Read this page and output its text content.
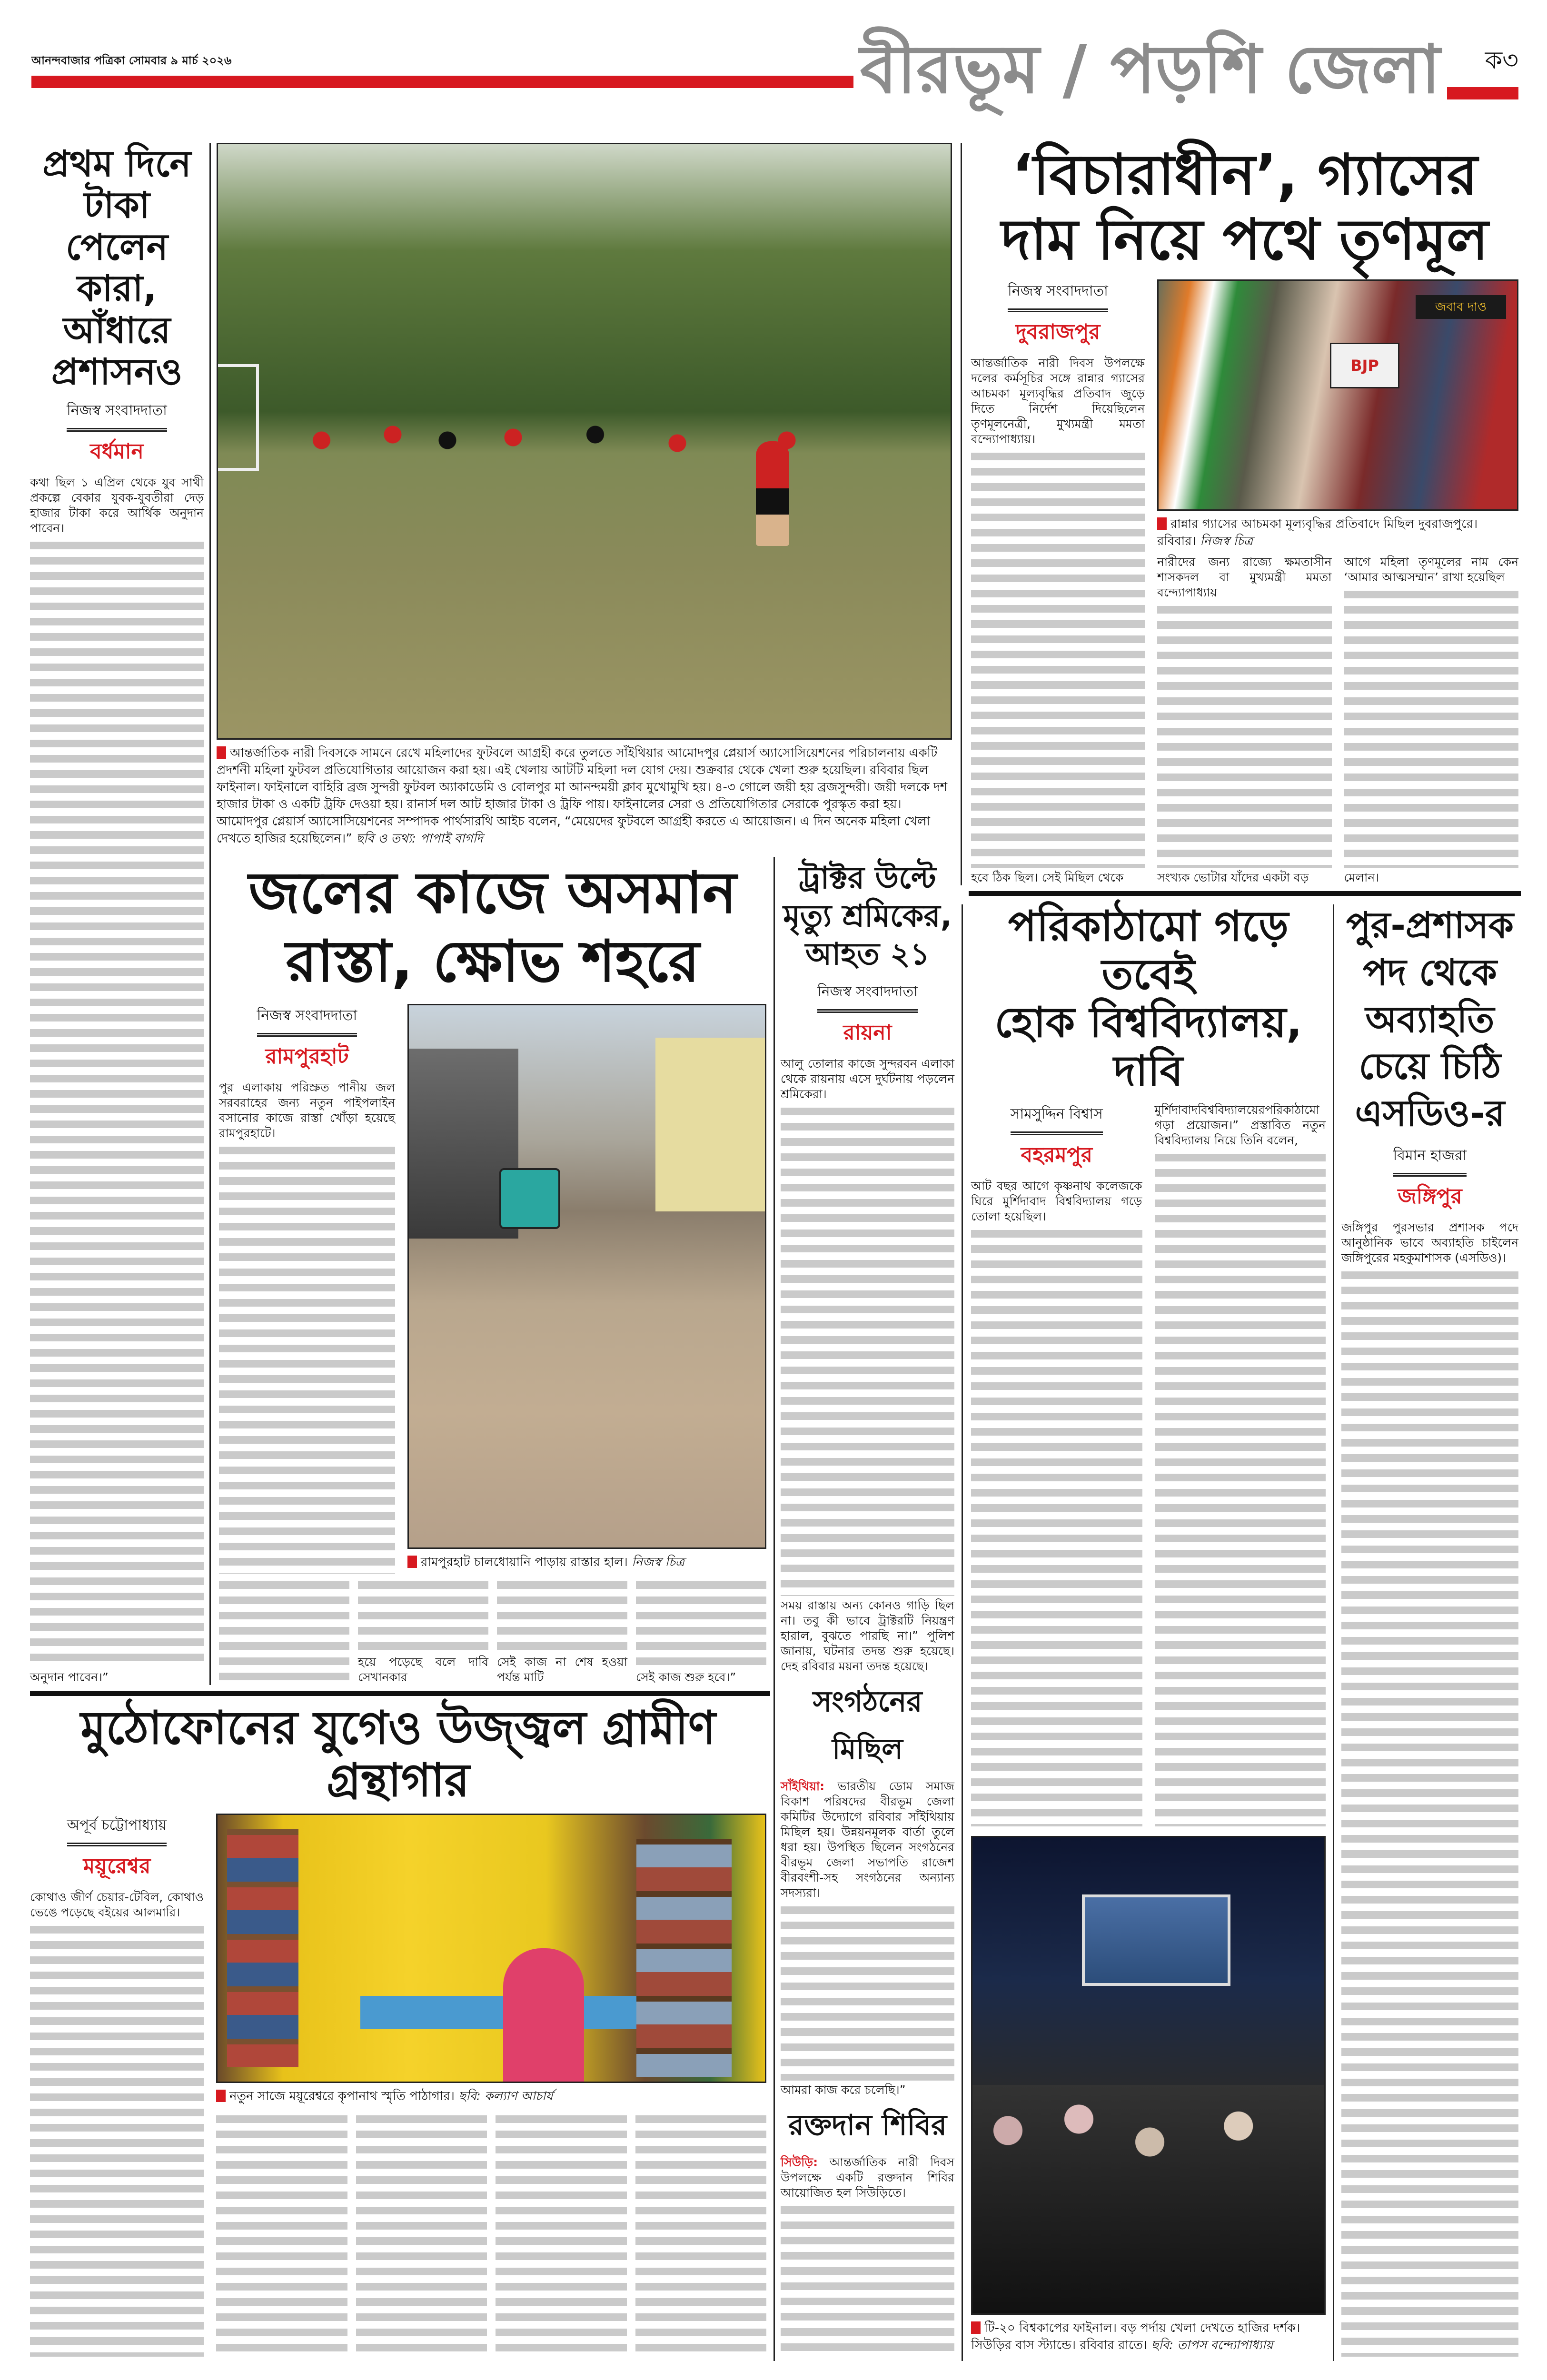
আনন্দবাজার পত্রিকা সোমবার ৯ মার্চ ২০২৬	বীরভূম / পড়শি জেলা	ক৩
প্রথম দিনে
টাকা পেলেন
কারা, আঁধারে
প্রশাসনও
নিজস্ব সংবাদদাতা
বর্ধমান

কথা ছিল ১ এপ্রিল থেকে যুব সাথী প্রকল্পে বেকার যুবক-যুবতীরা দেড় হাজার টাকা করে আর্থিক অনুদান পাবেন।

অনুদান পাবেন।”

আন্তর্জাতিক নারী দিবসকে সামনে রেখে মহিলাদের ফুটবলে আগ্রহী করে তুলতে সাঁইথিয়ার আমোদপুর প্লেয়ার্স অ্যাসোসিয়েশনের পরিচালনায় একটি প্রদর্শনী মহিলা ফুটবল প্রতিযোগিতার আয়োজন করা হয়। এই খেলায় আটটি মহিলা দল যোগ দেয়। শুক্রবার থেকে খেলা শুরু হয়েছিল। রবিবার ছিল ফাইনাল। ফাইনালে বাহিরি ব্রজ সুন্দরী ফুটবল অ্যাকাডেমি ও বোলপুর মা আনন্দময়ী ক্লাব মুখোমুখি হয়। ৪-৩ গোলে জয়ী হয় ব্রজসুন্দরী। জয়ী দলকে দশ হাজার টাকা ও একটি ট্রফি দেওয়া হয়। রানার্স দল আট হাজার টাকা ও ট্রফি পায়। ফাইনালের সেরা ও প্রতিযোগিতার সেরাকে পুরস্কৃত করা হয়। আমোদপুর প্লেয়ার্স অ্যাসোসিয়েশনের সম্পাদক পার্থসারথি আইচ বলেন, “মেয়েদের ফুটবলে আগ্রহী করতে এ আয়োজন। এ দিন অনেক মহিলা খেলা দেখতে হাজির হয়েছিলেন।” ছবি ও তথ্য: পাপাই বাগদি
‘বিচারাধীন’, গ্যাসের
দাম নিয়ে পথে তৃণমূল
নিজস্ব সংবাদদাতা
দুবরাজপুর

আন্তর্জাতিক নারী দিবস উপলক্ষে দলের কর্মসূচির সঙ্গে রান্নার গ্যাসের আচমকা মূল্যবৃদ্ধির প্রতিবাদ জুড়ে দিতে নির্দেশ দিয়েছিলেন তৃণমূলনেত্রী, মুখ্যমন্ত্রী মমতা বন্দ্যোপাধ্যায়।

হবে ঠিক ছিল। সেই মিছিল থেকে

জবাব দাও
BJP
রান্নার গ্যাসের আচমকা মূল্যবৃদ্ধির প্রতিবাদে মিছিল দুবরাজপুরে। রবিবার। নিজস্ব চিত্র

নারীদের জন্য রাজ্যে ক্ষমতাসীন শাসকদল বা মুখ্যমন্ত্রী মমতা বন্দ্যোপাধ্যায়

সংখ্যক ভোটার যাঁদের একটা বড়

আগে মহিলা তৃণমূলের নাম কেন ‘আমার আত্মসম্মান’ রাখা হয়েছিল

মেলান।

জলের কাজে অসমান
রাস্তা, ক্ষোভ শহরে
নিজস্ব সংবাদদাতা
রামপুরহাট

পুর এলাকায় পরিস্রুত পানীয় জল সরবরাহের জন্য নতুন পাইপলাইন বসানোর কাজে রাস্তা খোঁড়া হয়েছে রামপুরহাটে।

রামপুরহাট চালধোয়ানি পাড়ায় রাস্তার হাল। নিজস্ব চিত্র

হয়ে পড়েছে বলে দাবি সেখানকার

সেই কাজ না শেষ হওয়া পর্যন্ত মাটি	সেই কাজ শুরু হবে।”

ট্রাক্টর উল্টে
মৃত্যু শ্রমিকের,
আহত ২১
নিজস্ব সংবাদদাতা
রায়না

আলু তোলার কাজে সুন্দরবন এলাকা থেকে রায়নায় এসে দুর্ঘটনায় পড়লেন শ্রমিকেরা।

সময় রাস্তায় অন্য কোনও গাড়ি ছিল না। তবু কী ভাবে ট্রাক্টরটি নিয়ন্ত্রণ হারাল, বুঝতে পারছি না।” পুলিশ জানায়, ঘটনার তদন্ত শুরু হয়েছে। দেহ রবিবার ময়না তদন্ত হয়েছে।

সংগঠনের মিছিল

সাঁইথিয়া: ভারতীয় ডোম সমাজ বিকাশ পরিষদের বীরভূম জেলা কমিটির উদ্যোগে রবিবার সাঁইথিয়ায় মিছিল হয়। উন্নয়নমূলক বার্তা তুলে ধরা হয়। উপস্থিত ছিলেন সংগঠনের বীরভূম জেলা সভাপতি রাজেশ বীরবংশী-সহ সংগঠনের অন্যান্য সদস্যরা।

আমরা কাজ করে চলেছি।”

রক্তদান শিবির

সিউড়ি: আন্তর্জাতিক নারী দিবস উপলক্ষে একটি রক্তদান শিবির আয়োজিত হল সিউড়িতে।

পরিকাঠামো গড়ে তবেই
হোক বিশ্ববিদ্যালয়, দাবি
সামসুদ্দিন বিশ্বাস
বহরমপুর

আট বছর আগে কৃষ্ণনাথ কলেজকে ঘিরে মুর্শিদাবাদ বিশ্ববিদ্যালয় গড়ে তোলা হয়েছিল।

মুর্শিদাবাদবিশ্ববিদ্যালয়েরপরিকাঠামো গড়া প্রয়োজন।” প্রস্তাবিত নতুন বিশ্ববিদ্যালয় নিয়ে তিনি বলেন,

টি-২০ বিশ্বকাপের ফাইনাল। বড় পর্দায় খেলা দেখতে হাজির দর্শক। সিউড়ির বাস স্ট্যান্ডে। রবিবার রাতে। ছবি: তাপস বন্দ্যোপাধ্যায়
পুর-প্রশাসক
পদ থেকে
অব্যাহতি
চেয়ে চিঠি
এসডিও-র
বিমান হাজরা
জঙ্গিপুর

জঙ্গিপুর পুরসভার প্রশাসক পদে আনুষ্ঠানিক ভাবে অব্যাহতি চাইলেন জঙ্গিপুরের মহকুমাশাসক (এসডিও)।

মুঠোফোনের যুগেও উজ্জ্বল গ্রামীণ গ্রন্থাগার
অপূর্ব চট্টোপাধ্যায়
ময়ূরেশ্বর

কোথাও জীর্ণ চেয়ার-টেবিল, কোথাও ভেঙে পড়েছে বইয়ের আলমারি।

নতুন সাজে ময়ূরেশ্বরে কৃপানাথ স্মৃতি পাঠাগার। ছবি: কল্যাণ আচার্য
